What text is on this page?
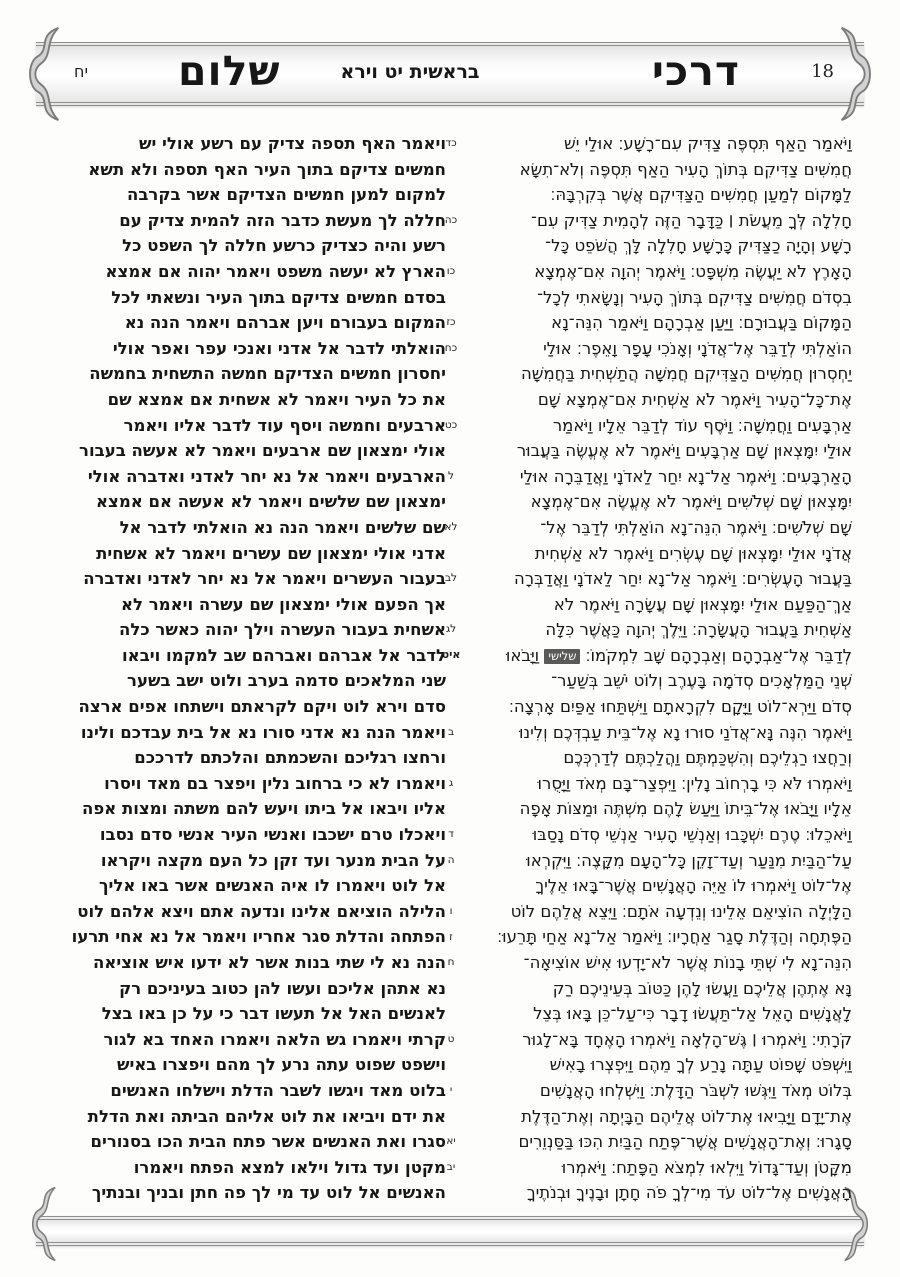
18
יח	דרכי
בראשית יט וירא
שלום
ויאמר האף תספה צדיק עם רשע אולי יש
חמשים צדיקם בתוך העיר האף תספה ולא תשא
למקום למען חמשים הצדיקם אשר בקרבה
חללה לך מעשת כדבר הזה להמית צדיק עם
רשע והיה כצדיק כרשע חללה לך השפט כל
הארץ לא יעשה משפט ויאמר יהוה אם אמצא
בסדם חמשים צדיקם בתוך העיר ונשאתי לכל
המקום בעבורם ויען אברהם ויאמר הנה נא
הואלתי לדבר אל אדני ואנכי עפר ואפר אולי
יחסרון חמשים הצדיקם חמשה התשחית בחמשה
את כל העיר ויאמר לא אשחית אם אמצא שם
ארבעים וחמשה ויסף עוד לדבר אליו ויאמר
אולי ימצאון שם ארבעים ויאמר לא אעשה בעבור
הארבעים ויאמר אל נא יחר לאדני ואדברה אולי
ימצאון שם שלשים ויאמר לא אעשה אם אמצא
שם שלשים ויאמר הנה נא הואלתי לדבר אל
אדני אולי ימצאון שם עשרים ויאמר לא אשחית
בעבור העשרים ויאמר אל נא יחר לאדני ואדברה
אך הפעם אולי ימצאון שם עשרה ויאמר לא
אשחית בעבור העשרה וילך יהוה כאשר כלה
לדבר אל אברהם ואברהם שב למקמו ויבאו
שני המלאכים סדמה בערב ולוט ישב בשער
סדם וירא לוט ויקם לקראתם וישתחו אפים ארצה
ויאמר הנה נא אדני סורו נא אל בית עבדכם ולינו
ורחצו רגליכם והשכמתם והלכתם לדרככם
ויאמרו לא כי ברחוב נלין ויפצר בם מאד ויסרו
אליו ויבאו אל ביתו ויעש להם משתה ומצות אפה
ויאכלו טרם ישכבו ואנשי העיר אנשי סדם נסבו
על הבית מנער ועד זקן כל העם מקצה ויקראו
אל לוט ויאמרו לו איה האנשים אשר באו אליך
הלילה הוציאם אלינו ונדעה אתם ויצא אלהם לוט
הפתחה והדלת סגר אחריו ויאמר אל נא אחי תרעו
הנה נא לי שתי בנות אשר לא ידעו איש אוציאה
נא אתהן אליכם ועשו להן כטוב בעיניכם רק
לאנשים האל אל תעשו דבר כי על כן באו בצל
קרתי ויאמרו גש הלאה ויאמרו האחד בא לגור
וישפט שפוט עתה נרע לך מהם ויפצרו באיש
בלוט מאד ויגשו לשבר הדלת וישלחו האנשים
את ידם ויביאו את לוט אליהם הביתה ואת הדלת
סגרו ואת האנשים אשר פתח הבית הכו בסנורים
מקטן ועד גדול וילאו למצא הפתח ויאמרו
האנשים אל לוט עד מי לך פה חתן ובניך ובנתיך
וַיֹּאמַר הַאַף תִּסְפֶּה צַדִּיק עִם־רָשָׁע׃ אוּלַי יֵשׁ
חֲמִשִּׁים צַדִּיקִם בְּתוֹךְ הָעִיר הַאַף תִּסְפֶּה וְלֹא־תִשָּׂא
לַמָּקוֹם לְמַעַן חֲמִשִּׁים הַצַּדִּיקִם אֲשֶׁר בְּקִרְבָּהּ׃
חָלִלָה לְּךָ מֵעֲשֹׂת ׀ כַּדָּבָר הַזֶּה לְהָמִית צַדִּיק עִם־
רָשָׁע וְהָיָה כַצַּדִּיק כָּרָשָׁע חָלִלָה לָּךְ הֲשֹׁפֵט כָּל־
הָאָרֶץ לֹא יַעֲשֶׂה מִשְׁפָּט׃ וַיֹּאמֶר יְהוָה אִם־אֶמְצָא
בִסְדֹם חֲמִשִּׁים צַדִּיקִם בְּתוֹךְ הָעִיר וְנָשָׂאתִי לְכָל־
הַמָּקוֹם בַּעֲבוּרָם׃ וַיַּעַן אַבְרָהָם וַיֹּאמַר הִנֵּה־נָא
הוֹאַלְתִּי לְדַבֵּר אֶל־אֲדֹנָי וְאָנֹכִי עָפָר וָאֵפֶר׃ אוּלַי
יַחְסְרוּן חֲמִשִּׁים הַצַּדִּיקִם חֲמִשָּׁה הֲתַשְׁחִית בַּחֲמִשָּׁה
אֶת־כָּל־הָעִיר וַיֹּאמֶר לֹא אַשְׁחִית אִם־אֶמְצָא שָׁם
אַרְבָּעִים וַחֲמִשָּׁה׃ וַיֹּסֶף עוֹד לְדַבֵּר אֵלָיו וַיֹּאמַר
אוּלַי יִמָּצְאוּן שָׁם אַרְבָּעִים וַיֹּאמֶר לֹא אֶעֱשֶׂה בַּעֲבוּר
הָאַרְבָּעִים׃ וַיֹּאמֶר אַל־נָא יִחַר לַאדֹנָי וַאֲדַבֵּרָה אוּלַי
יִמָּצְאוּן שָׁם שְׁלֹשִׁים וַיֹּאמֶר לֹא אֶעֱשֶׂה אִם־אֶמְצָא
שָׁם שְׁלֹשִׁים׃ וַיֹּאמֶר הִנֵּה־נָא הוֹאַלְתִּי לְדַבֵּר אֶל־
אֲדֹנָי אוּלַי יִמָּצְאוּן שָׁם עֶשְׂרִים וַיֹּאמֶר לֹא אַשְׁחִית
בַּעֲבוּר הָעֶשְׂרִים׃ וַיֹּאמֶר אַל־נָא יִחַר לַאדֹנָי וַאֲדַבְּרָה
אַךְ־הַפַּעַם אוּלַי יִמָּצְאוּן שָׁם עֲשָׂרָה וַיֹּאמֶר לֹא
אַשְׁחִית בַּעֲבוּר הָעֲשָׂרָה׃ וַיֵּלֶךְ יְהוָה כַּאֲשֶׁר כִּלָּה
לְדַבֵּר אֶל־אַבְרָהָם וְאַבְרָהָם שָׁב לִמְקֹמוֹ׃ שלישי וַיָּבֹאוּ
שְׁנֵי הַמַּלְאָכִים סְדֹמָה בָּעֶרֶב וְלוֹט יֹשֵׁב בְּשַׁעַר־
סְדֹם וַיַּרְא־לוֹט וַיָּקָם לִקְרָאתָם וַיִּשְׁתַּחוּ אַפַּיִם אָרְצָה׃
וַיֹּאמֶר הִנֶּה נָּא־אֲדֹנַי סוּרוּ נָא אֶל־בֵּית עַבְדְּכֶם וְלִינוּ
וְרַחֲצוּ רַגְלֵיכֶם וְהִשְׁכַּמְתֶּם וַהֲלַכְתֶּם לְדַרְכְּכֶם
וַיֹּאמְרוּ לֹּא כִּי בָרְחוֹב נָלִין׃ וַיִּפְצַר־בָּם מְאֹד וַיָּסֻרוּ
אֵלָיו וַיָּבֹאוּ אֶל־בֵּיתוֹ וַיַּעַשׂ לָהֶם מִשְׁתֶּה וּמַצּוֹת אָפָה
וַיֹּאכֵלוּ׃ טֶרֶם יִשְׁכָּבוּ וְאַנְשֵׁי הָעִיר אַנְשֵׁי סְדֹם נָסַבּוּ
עַל־הַבַּיִת מִנַּעַר וְעַד־זָקֵן כָּל־הָעָם מִקָּצֶה׃ וַיִּקְרְאוּ
אֶל־לוֹט וַיֹּאמְרוּ לוֹ אַיֵּה הָאֲנָשִׁים אֲשֶׁר־בָּאוּ אֵלֶיךָ
הַלָּיְלָה הוֹצִיאֵם אֵלֵינוּ וְנֵדְעָה אֹתָם׃ וַיֵּצֵא אֲלֵהֶם לוֹט
הַפֶּתְחָה וְהַדֶּלֶת סָגַר אַחֲרָיו׃ וַיֹּאמַר אַל־נָא אַחַי תָּרֵעוּ׃
הִנֵּה־נָא לִי שְׁתֵּי בָנוֹת אֲשֶׁר לֹא־יָדְעוּ אִישׁ אוֹצִיאָה־
נָּא אֶתְהֶן אֲלֵיכֶם וַעֲשׂוּ לָהֶן כַּטּוֹב בְּעֵינֵיכֶם רַק
לָאֲנָשִׁים הָאֵל אַל־תַּעֲשׂוּ דָבָר כִּי־עַל־כֵּן בָּאוּ בְּצֵל
קֹרָתִי׃ וַיֹּאמְרוּ ׀ גֶּשׁ־הָלְאָה וַיֹּאמְרוּ הָאֶחָד בָּא־לָגוּר
וַיִּשְׁפֹּט שָׁפוֹט עַתָּה נָרַע לְךָ מֵהֶם וַיִּפְצְרוּ בָאִישׁ
בְּלוֹט מְאֹד וַיִּגְּשׁוּ לִשְׁבֹּר הַדָּלֶת׃ וַיִּשְׁלְחוּ הָאֲנָשִׁים
אֶת־יָדָם וַיָּבִיאוּ אֶת־לוֹט אֲלֵיהֶם הַבָּיְתָה וְאֶת־הַדֶּלֶת
סָגָרוּ׃ וְאֶת־הָאֲנָשִׁים אֲשֶׁר־פֶּתַח הַבַּיִת הִכּוּ בַּסַּנְוֵרִים
מִקָּטֹן וְעַד־גָּדוֹל וַיִּלְאוּ לִמְצֹא הַפָּתַח׃ וַיֹּאמְרוּ
הָאֲנָשִׁים אֶל־לוֹט עֹד מִי־לְךָ פֹה חָתָן וּבָנֶיךָ וּבְנֹתֶיךָ
כד
כה
כו
כז
כח
כט
ל
לא
לב
לג
איט
ב
ג
ד
ה
ו
ז
ח
ט
י
יא
יב
